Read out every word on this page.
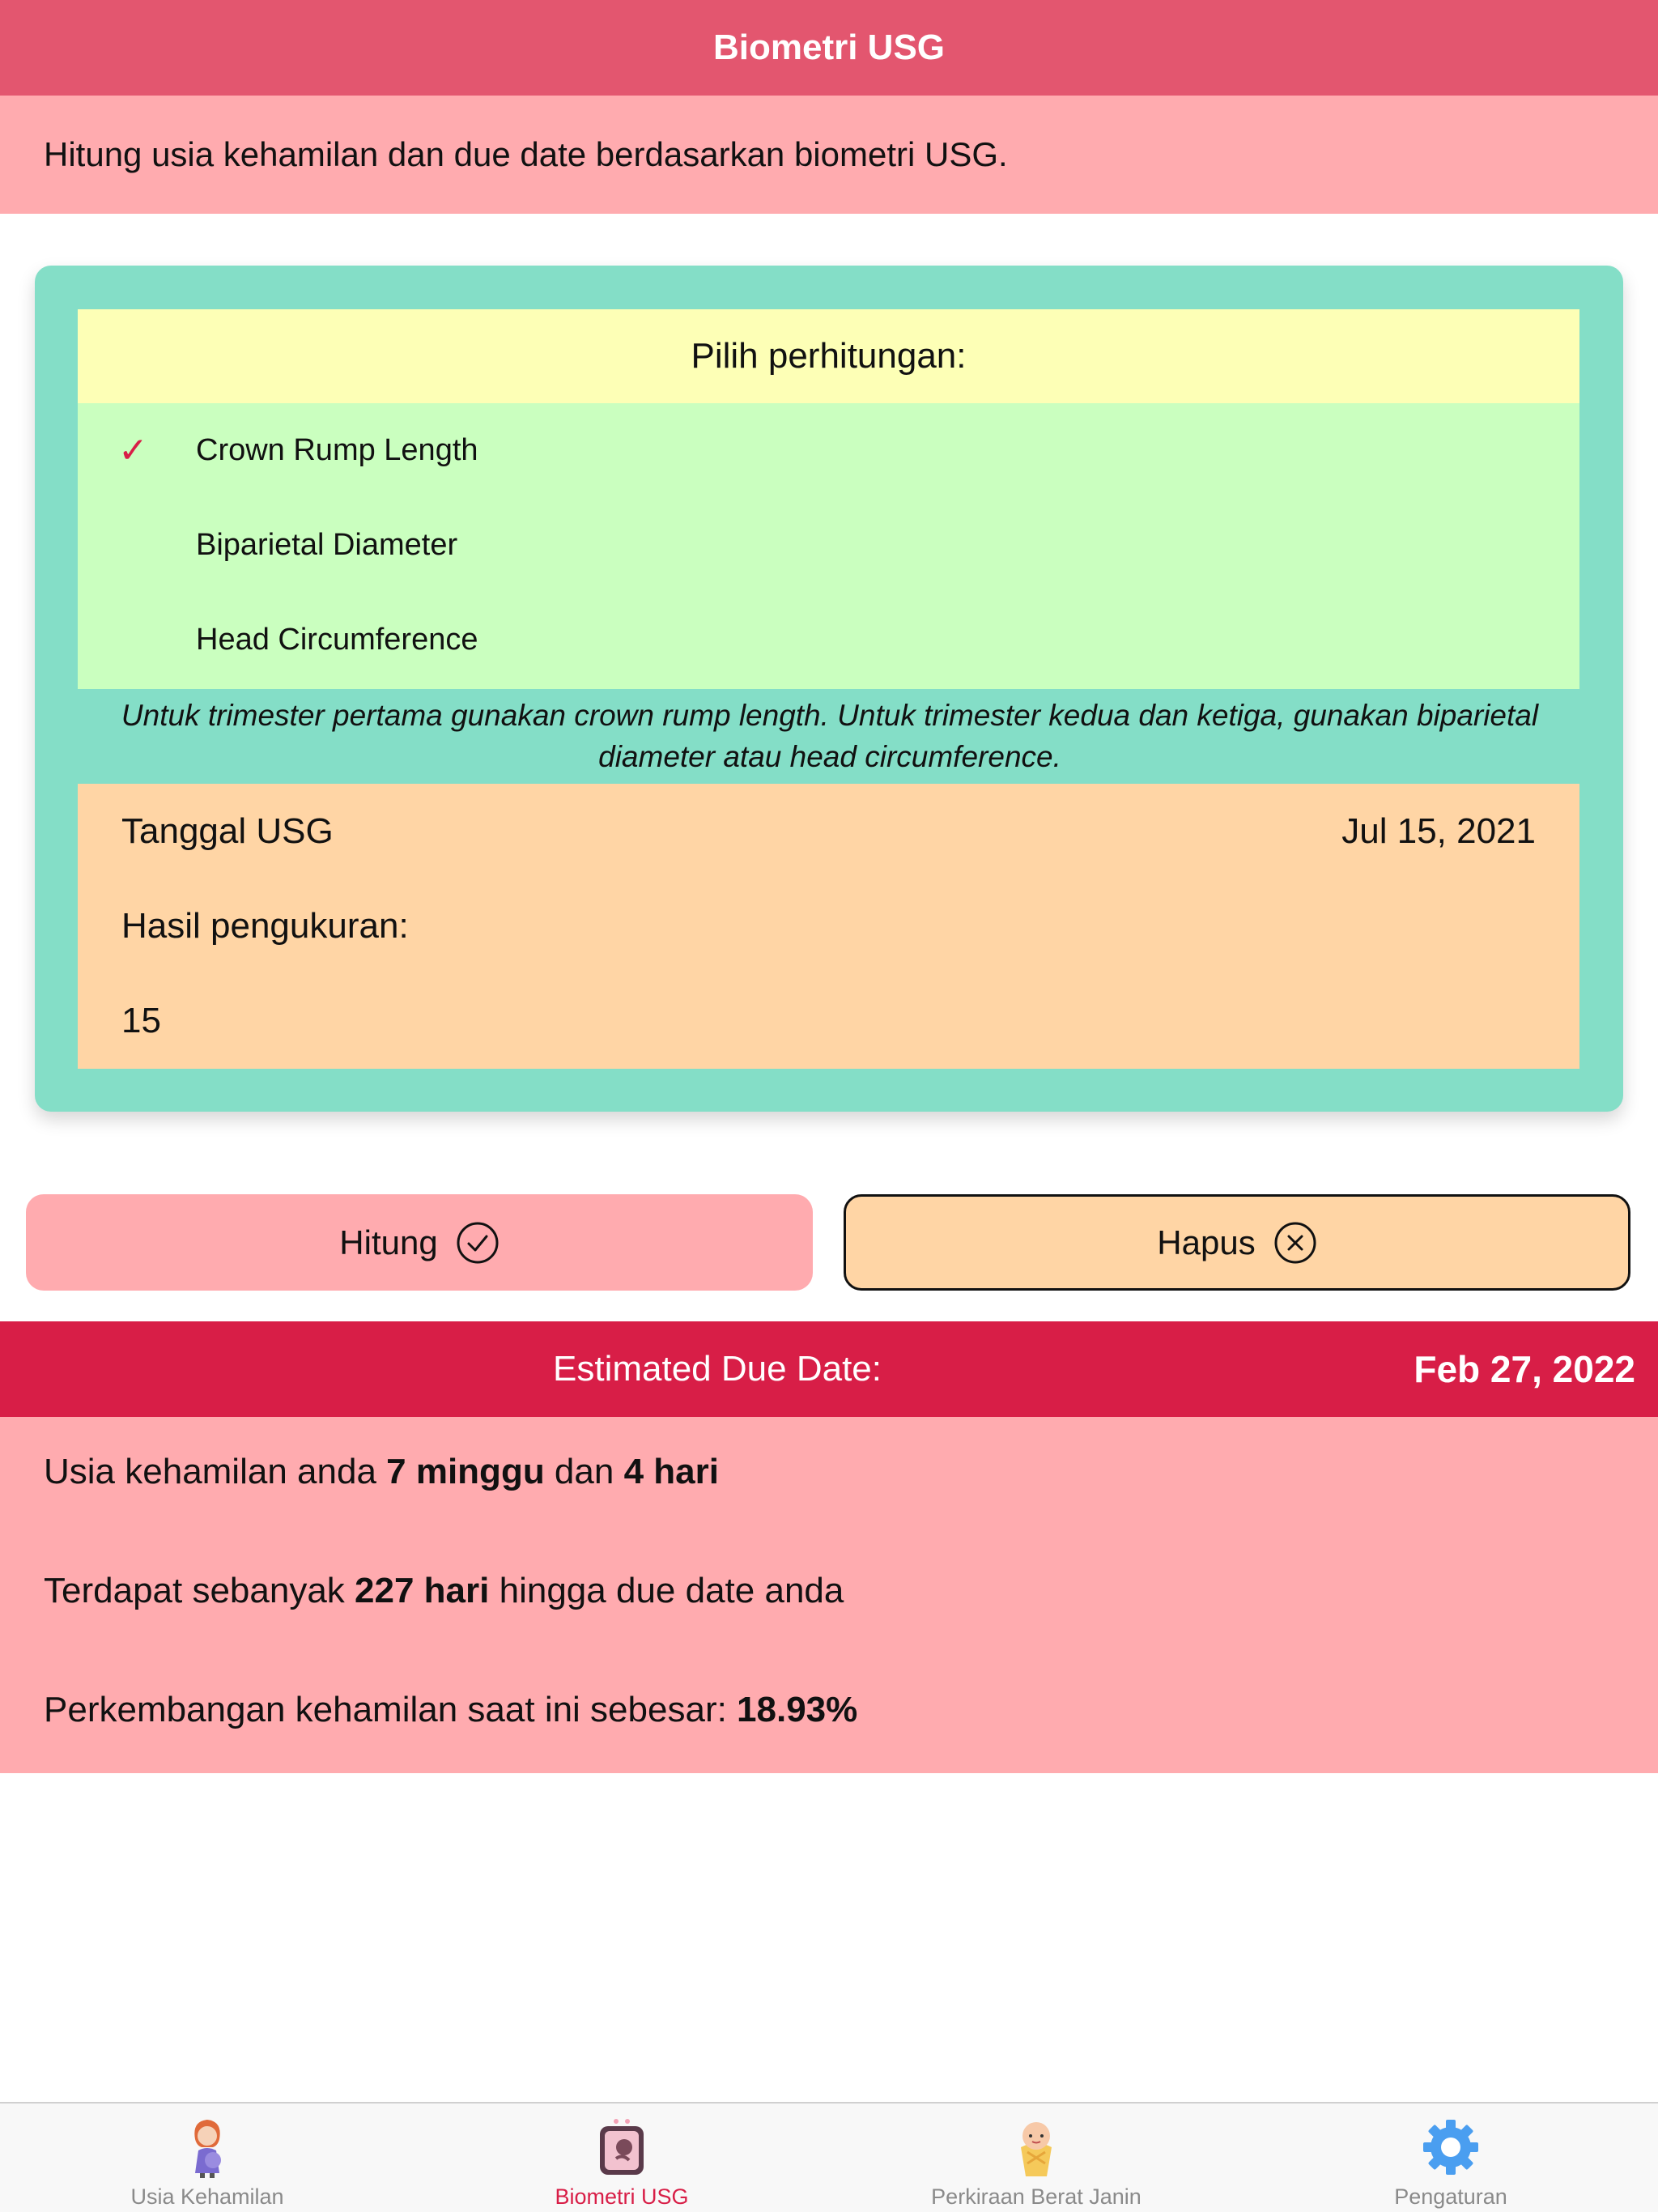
Biometri USG
Hitung usia kehamilan dan due date berdasarkan biometri USG.
Pilih perhitungan:
✓ Crown Rump Length
Biparietal Diameter
Head Circumference
Untuk trimester pertama gunakan crown rump length. Untuk trimester kedua dan ketiga, gunakan biparietal diameter atau head circumference.
Tanggal USG	Jul 15, 2021
Hasil pengukuran:
15
Hitung	Hapus
Estimated Due Date:	Feb 27, 2022
Usia kehamilan anda 7 minggu dan 4 hari
Terdapat sebanyak 227 hari hingga due date anda
Perkembangan kehamilan saat ini sebesar: 18.93%
Usia Kehamilan	Biometri USG	Perkiraan Berat Janin	Pengaturan
